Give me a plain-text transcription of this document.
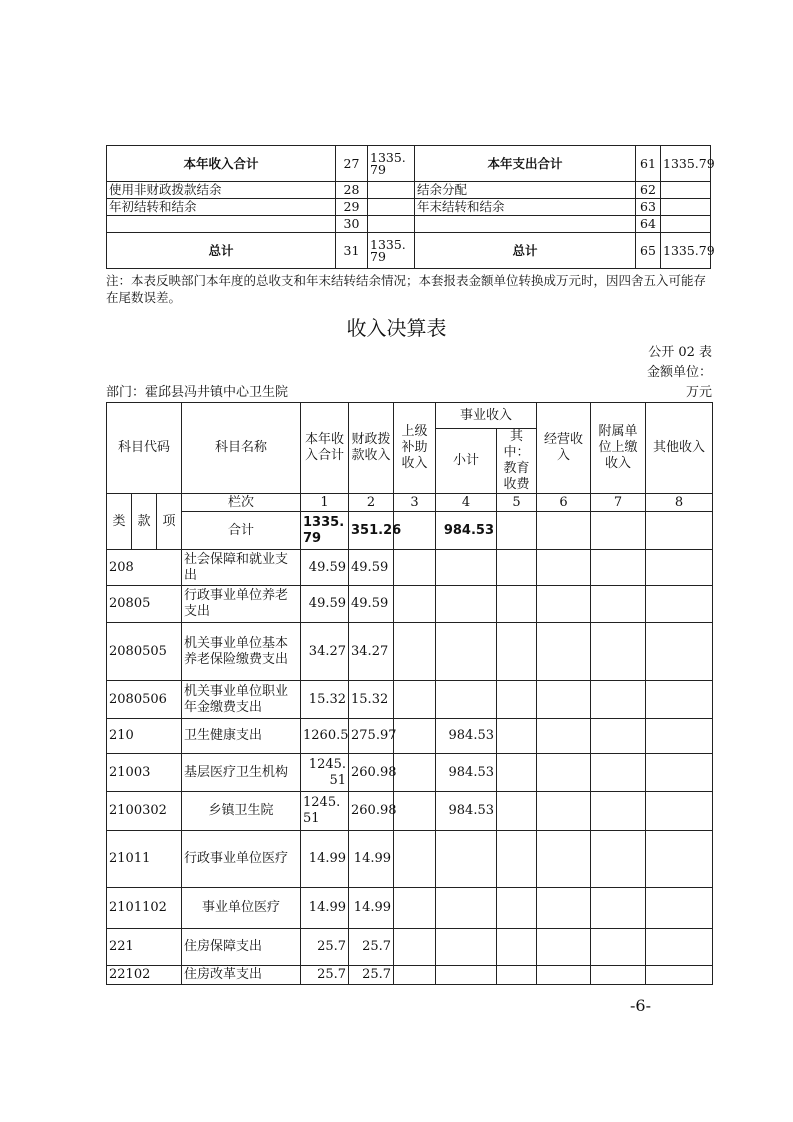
本年收入合计	27	1335.79	本年支出合计	61	1335.79
使用非财政拨款结余	28		结余分配	62	
年初结转和结余	29		年末结转和结余	63	
	30			64	
总计	31	1335.79	总计	65	1335.79
注：本表反映部门本年度的总收支和年末结转结余情况；本套报表金额单位转换成万元时，因四舍五入可能存在尾数误差。
收入决算表
公开 02 表
金额单位：
部门：霍邱县冯井镇中心卫生院	万元
科目代码			科目名称	本年收入合计	财政拨款收入	上级补助收入	事业收入		经营收入	附属单位上缴收入	其他收入
							小计	其中：教育收费			

类	款	项	栏次	1	2	3	4	5	6	7	8
			合计	1335.79	351.26		984.53				
208			社会保障和就业支出	49.59	49.59						
20805			行政事业单位养老支出	49.59	49.59						
2080505			机关事业单位基本养老保险缴费支出	34.27	34.27						
2080506			机关事业单位职业年金缴费支出	15.32	15.32						
210			卫生健康支出	1260.5	275.97		984.53				
21003			基层医疗卫生机构	1245.51	260.98		984.53				
2100302			乡镇卫生院	1245.51	260.98		984.53				
21011			行政事业单位医疗	14.99	14.99						
2101102			事业单位医疗	14.99	14.99						
221			住房保障支出	25.7	25.7						
22102			住房改革支出	25.7	25.7						
-6-
